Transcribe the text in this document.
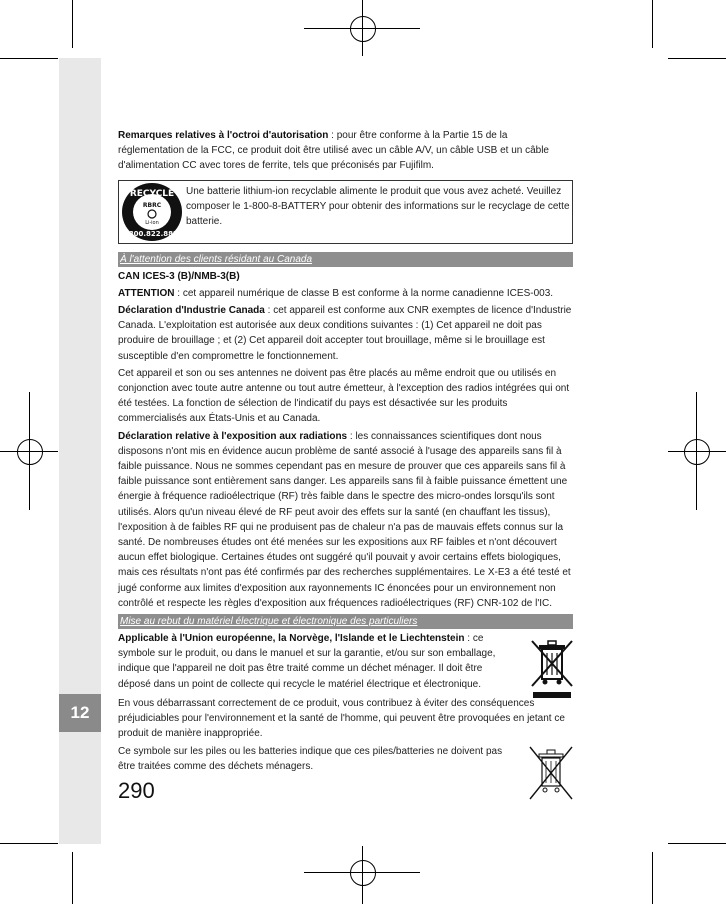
12

Remarques relatives à l'octroi d'autorisation : pour être conforme à la Partie 15 de la réglementation de la FCC, ce produit doit être utilisé avec un câble A/V, un câble USB et un câble d'alimentation CC avec tores de ferrite, tels que préconisés par Fujifilm.

RECYCLE
RBRC
Li-ion
1.800.822.8837
Une batterie lithium-ion recyclable alimente le produit que vous avez acheté. Veuillez composer le 1-800-8-BATTERY pour obtenir des informations sur le recyclage de cette batterie.
À l'attention des clients résidant au Canada

CAN ICES-3 (B)/NMB-3(B)

ATTENTION : cet appareil numérique de classe B est conforme à la norme canadienne ICES-003.

Déclaration d'Industrie Canada : cet appareil est conforme aux CNR exemptes de licence d'Industrie Canada. L'exploitation est autorisée aux deux conditions suivantes : (1) Cet appareil ne doit pas produire de brouillage ; et (2) Cet appareil doit accepter tout brouillage, même si le brouillage est susceptible d'en compromettre le fonctionnement.

Cet appareil et son ou ses antennes ne doivent pas être placés au même endroit que ou utilisés en conjonction avec toute autre antenne ou tout autre émetteur, à l'exception des radios intégrées qui ont été testées. La fonction de sélection de l'indicatif du pays est désactivée sur les produits commercialisés aux États-Unis et au Canada.

Déclaration relative à l'exposition aux radiations : les connaissances scientifiques dont nous disposons n'ont mis en évidence aucun problème de santé associé à l'usage des appareils sans fil à faible puissance. Nous ne sommes cependant pas en mesure de prouver que ces appareils sans fil à faible puissance sont entièrement sans danger. Les appareils sans fil à faible puissance émettent une énergie à fréquence radioélectrique (RF) très faible dans le spectre des micro-ondes lorsqu'ils sont utilisés. Alors qu'un niveau élevé de RF peut avoir des effets sur la santé (en chauffant les tissus), l'exposition à de faibles RF qui ne produisent pas de chaleur n'a pas de mauvais effets connus sur la santé. De nombreuses études ont été menées sur les expositions aux RF faibles et n'ont découvert aucun effet biologique. Certaines études ont suggéré qu'il pouvait y avoir certains effets biologiques, mais ces résultats n'ont pas été confirmés par des recherches supplémentaires. Le X-E3 a été testé et jugé conforme aux limites d'exposition aux rayonnements IC énoncées pour un environnement non contrôlé et respecte les règles d'exposition aux fréquences radioélectriques (RF) CNR-102 de l'IC.

Mise au rebut du matériel électrique et électronique des particuliers
Applicable à l'Union européenne, la Norvège, l'Islande et le Liechtenstein : ce symbole sur le produit, ou dans le manuel et sur la garantie, et/ou sur son emballage, indique que l'appareil ne doit pas être traité comme un déchet ménager. Il doit être déposé dans un point de collecte qui recycle le matériel électrique et électronique.

En vous débarrassant correctement de ce produit, vous contribuez à éviter des conséquences préjudiciables pour l'environnement et la santé de l'homme, qui peuvent être provoquées en jetant ce produit de manière inappropriée.

Ce symbole sur les piles ou les batteries indique que ces piles/batteries ne doivent pas être traitées comme des déchets ménagers.
290
